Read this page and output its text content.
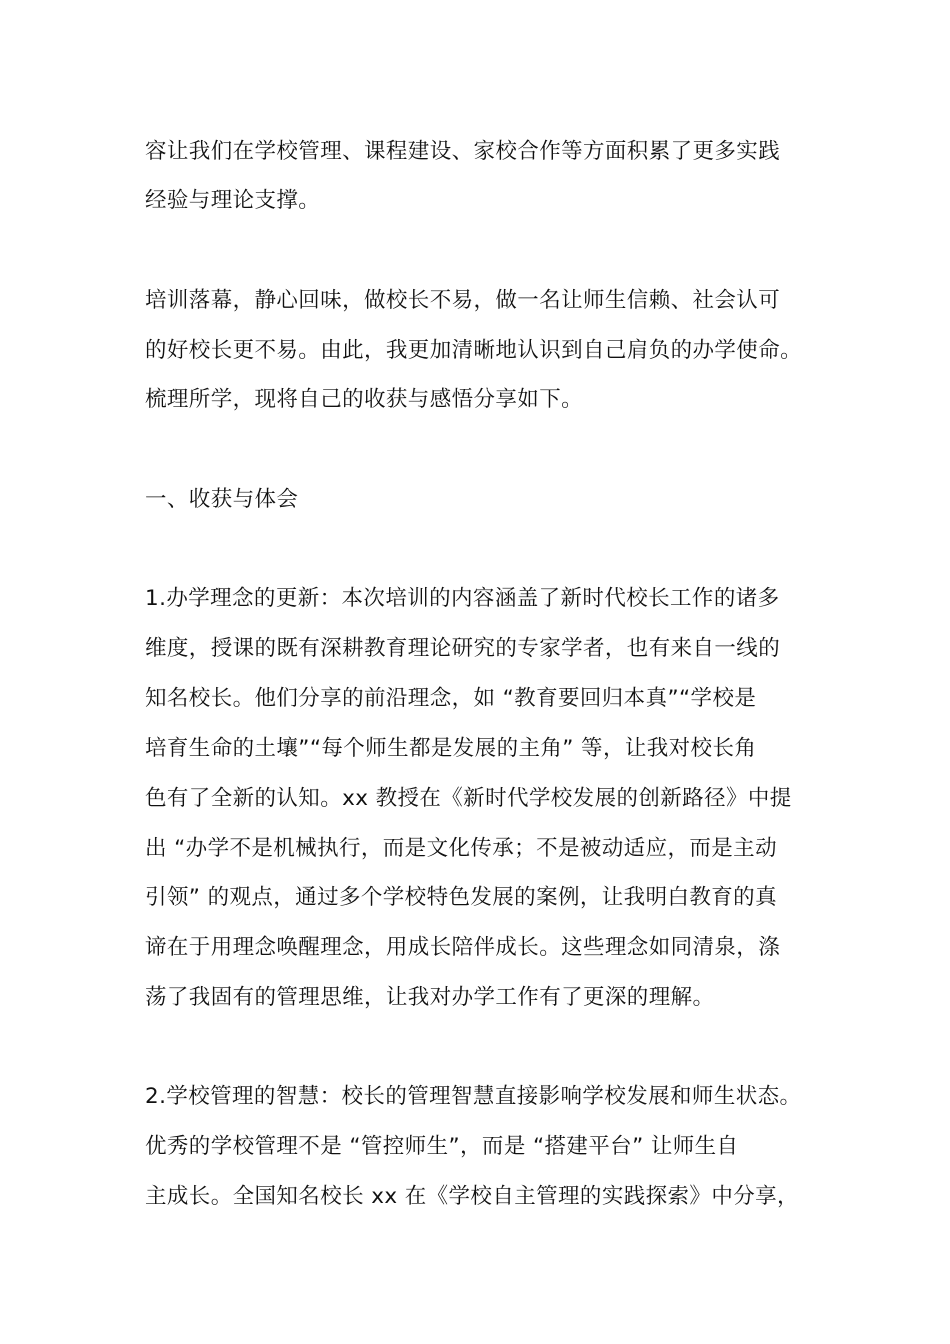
容让我们在学校管理、课程建设、家校合作等方面积累了更多实践
经验与理论支撑。
培训落幕，静心回味，做校长不易，做一名让师生信赖、社会认可
的好校长更不易。由此，我更加清晰地认识到自己肩负的办学使命。
梳理所学，现将自己的收获与感悟分享如下。
一、收获与体会
1.办学理念的更新：本次培训的内容涵盖了新时代校长工作的诸多
维度，授课的既有深耕教育理论研究的专家学者，也有来自一线的
知名校长。他们分享的前沿理念，如 “教育要回归本真”“学校是
培育生命的土壤”“每个师生都是发展的主角” 等，让我对校长角
色有了全新的认知。xx 教授在《新时代学校发展的创新路径》中提
出 “办学不是机械执行，而是文化传承；不是被动适应，而是主动
引领” 的观点，通过多个学校特色发展的案例，让我明白教育的真
谛在于用理念唤醒理念，用成长陪伴成长。这些理念如同清泉，涤
荡了我固有的管理思维，让我对办学工作有了更深的理解。
2.学校管理的智慧：校长的管理智慧直接影响学校发展和师生状态。
优秀的学校管理不是 “管控师生”，而是 “搭建平台” 让师生自
主成长。全国知名校长 xx 在《学校自主管理的实践探索》中分享，
